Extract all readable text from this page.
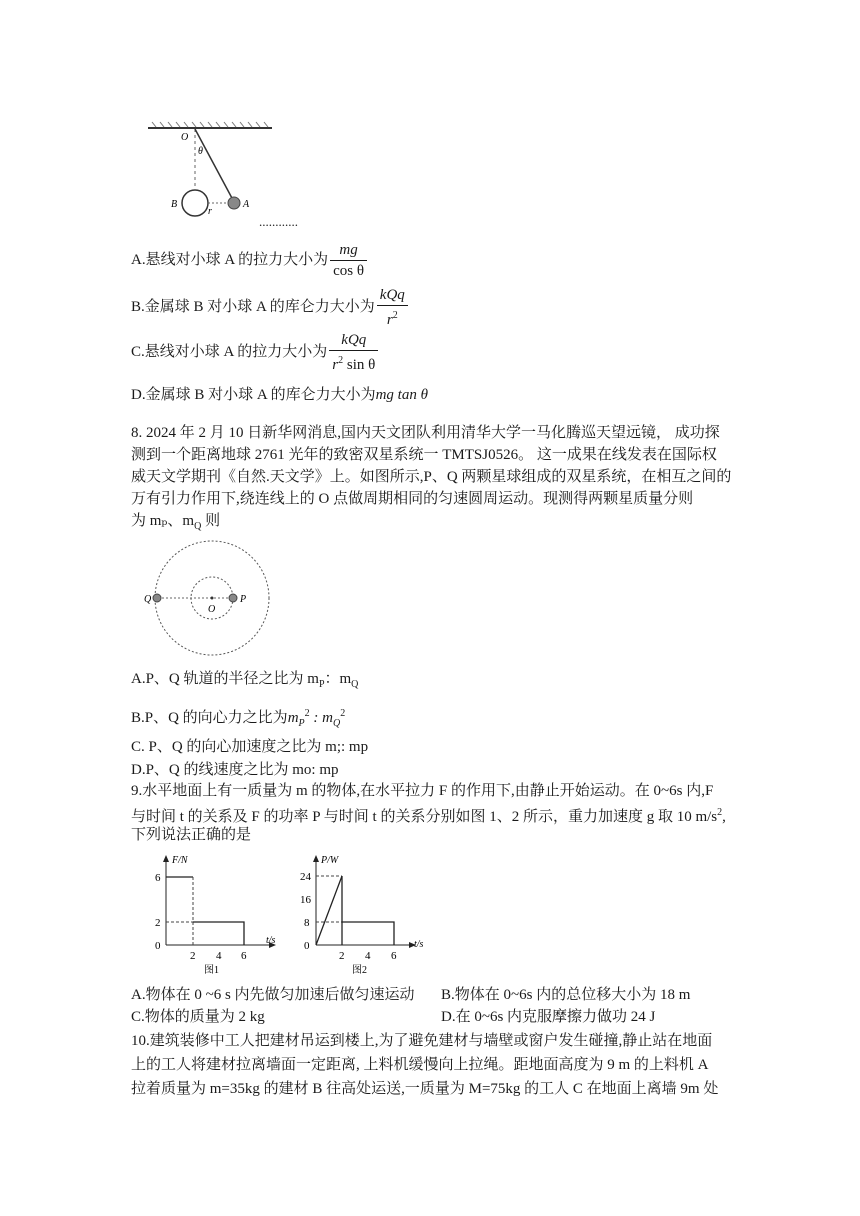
O
θ
B
r
A
............
A.悬线对小球 A 的拉力大小为 $\frac{mg}{\text{cos θ}}$
B.金属球 B 对小球 A 的库仑力大小为 $\frac{\text{kQq}}{r^2}$
C.悬线对小球 A 的拉力大小为 $\frac{\text{kQq}}{r^2 \sin \theta}$
D.金属球 B 对小球 A 的库仑力大小为mg tan θ
8. 2024 年 2 月 10 日新华网消息,国内天文团队利用清华大学一马化腾巡天望远镜， 成功探
测到一个距离地球 2761 光年的致密双星系统一 TMTSJ0526。 这一成果在线发表在国际权
威天文学期刊《自然.天文学》上。如图所示,P、Q 两颗星球组成的双星系统，在相互之间的
万有引力作用下,绕连线上的 O 点做周期相同的匀速圆周运动。现测得两颗星质量分则
为 mₚ、$m_Q$ 则
Q
O
P
A.P、Q 轨道的半径之比为 $m_P$：$m_Q$
B.P、Q 的向心力之比为$m_P^2$ : $m_Q^2$
C. P、Q 的向心加速度之比为 m;: mp
D.P、Q 的线速度之比为 mo: mp
9.水平地面上有一质量为 m 的物体,在水平拉力 F 的作用下,由静止开始运动。在 0~6s 内,F
与时间 t 的关系及 F 的功率 P 与时间 t 的关系分别如图 1、2 所示，重力加速度 g 取 10 $m/s^2$,
下列说法正确的是
F/N
t/s
6
2
0
2 4 6
图1
P/W
t/s
24
16
8
0
2 4 6
图2
A.物体在 0 ~6 s 内先做匀加速后做匀速运动 B.物体在 0~6s 内的总位移大小为 18 m
C.物体的质量为 2 kg	D.在 0~6s 内克服摩擦力做功 24 J
10.建筑装修中工人把建材吊运到楼上,为了避免建材与墙壁或窗户发生碰撞,静止站在地面
上的工人将建材拉离墙面一定距离, 上料机缓慢向上拉绳。距地面高度为 9 m 的上料机 A
拉着质量为 m=35kg 的建材 B 往高处运送,一质量为 M=75kg 的工人 C 在地面上离墙 9m 处
